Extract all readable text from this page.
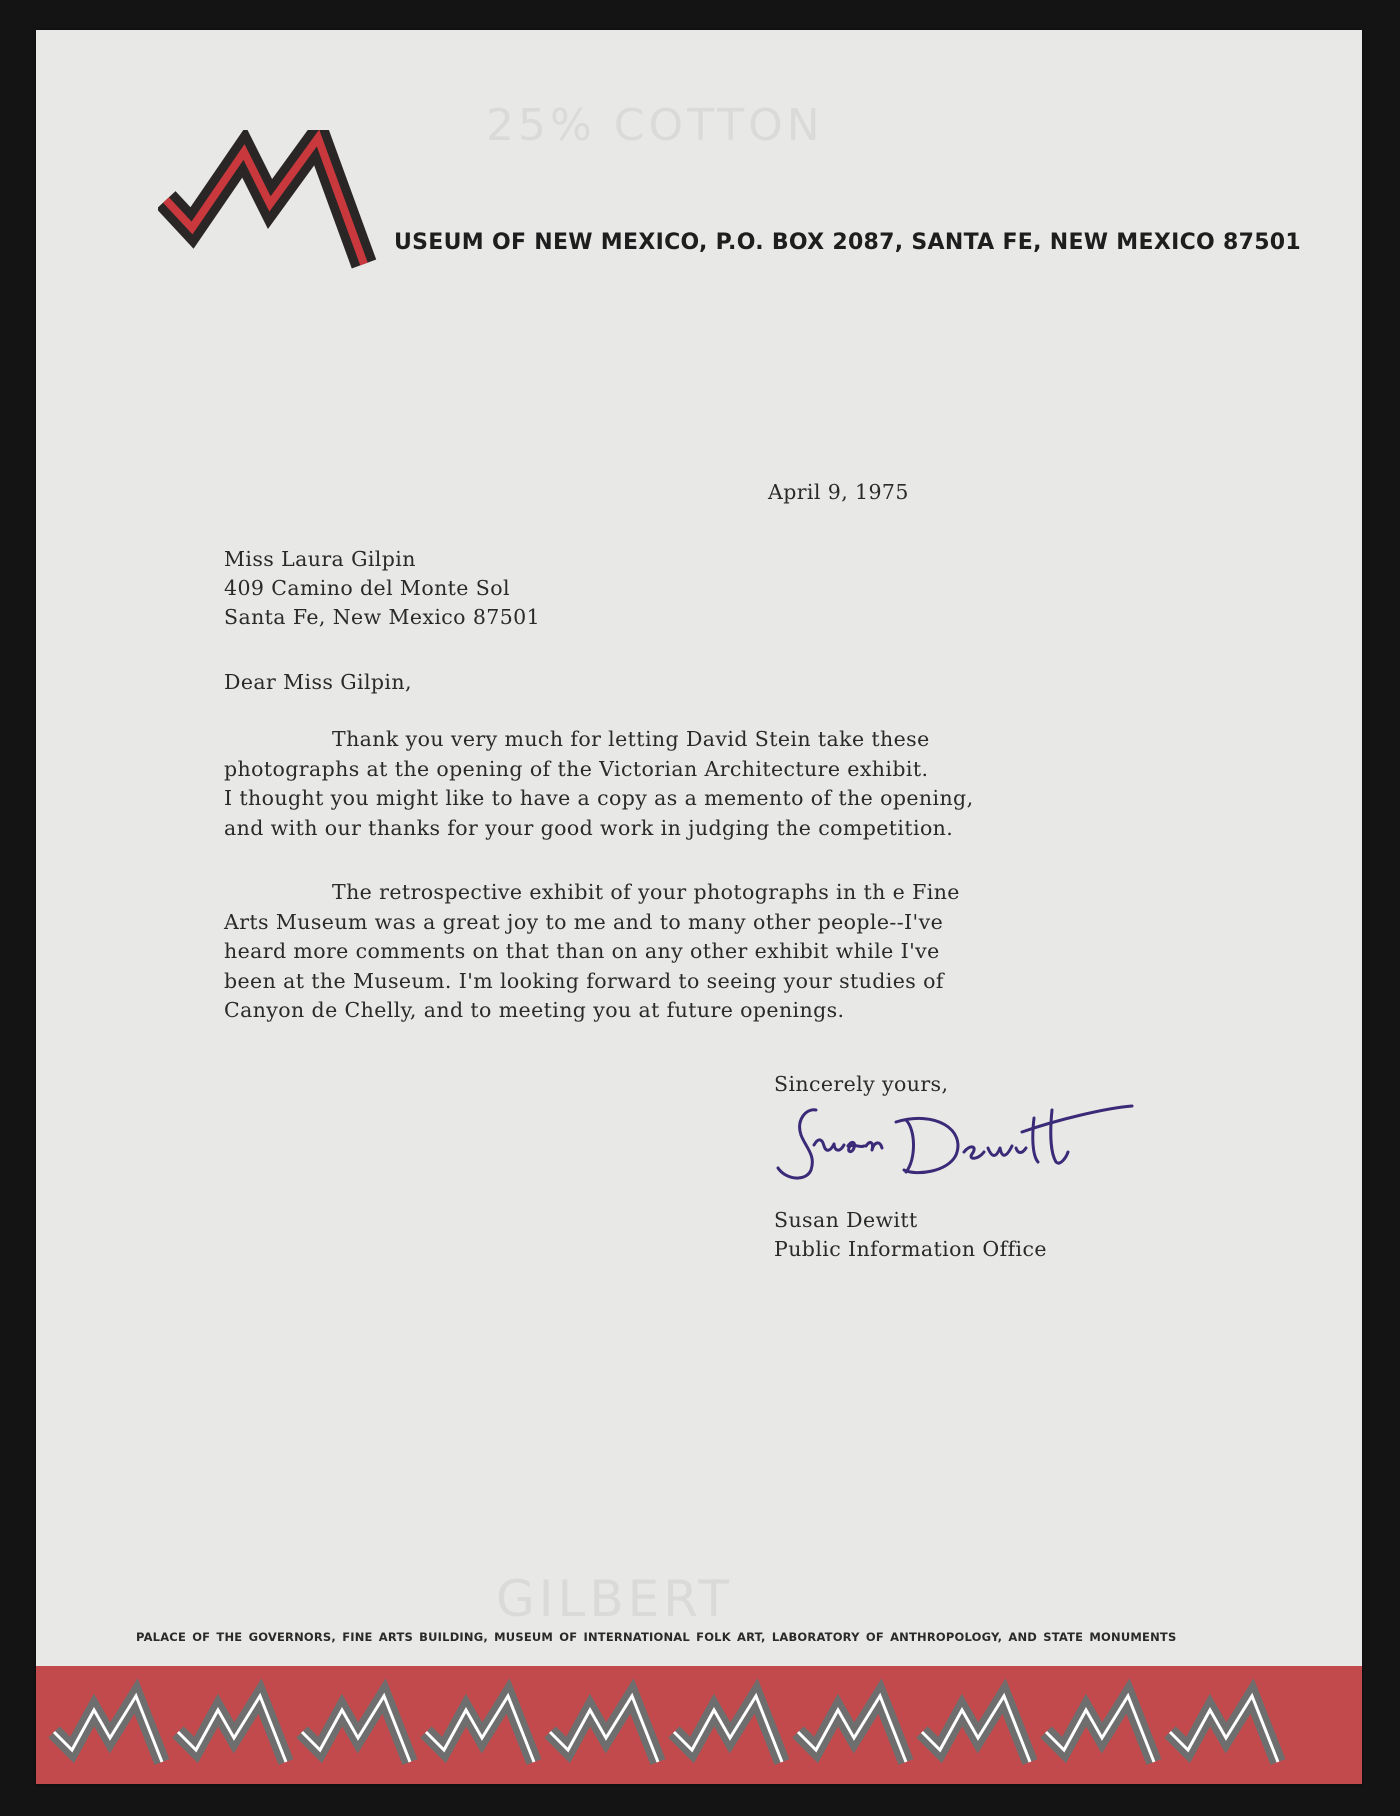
25% COTTON
GILBERT
USEUM OF NEW MEXICO, P.O. BOX 2087, SANTA FE, NEW MEXICO 87501
April 9, 1975
Miss Laura Gilpin
409 Camino del Monte Sol
Santa Fe, New Mexico 87501
Dear Miss Gilpin,
Thank you very much for letting David Stein take these
photographs at the opening of the Victorian Architecture exhibit.
I thought you might like to have a copy as a memento of the opening,
and with our thanks for your good work in judging the competition.
The retrospective exhibit of your photographs in th e Fine
Arts Museum was a great joy to me and to many other people--I've
heard more comments on that than on any other exhibit while I've
been at the Museum. I'm looking forward to seeing your studies of
Canyon de Chelly, and to meeting you at future openings.
Sincerely yours,
Susan Dewitt
Public Information Office
PALACE OF THE GOVERNORS, FINE ARTS BUILDING, MUSEUM OF INTERNATIONAL FOLK ART, LABORATORY OF ANTHROPOLOGY, AND STATE MONUMENTS
